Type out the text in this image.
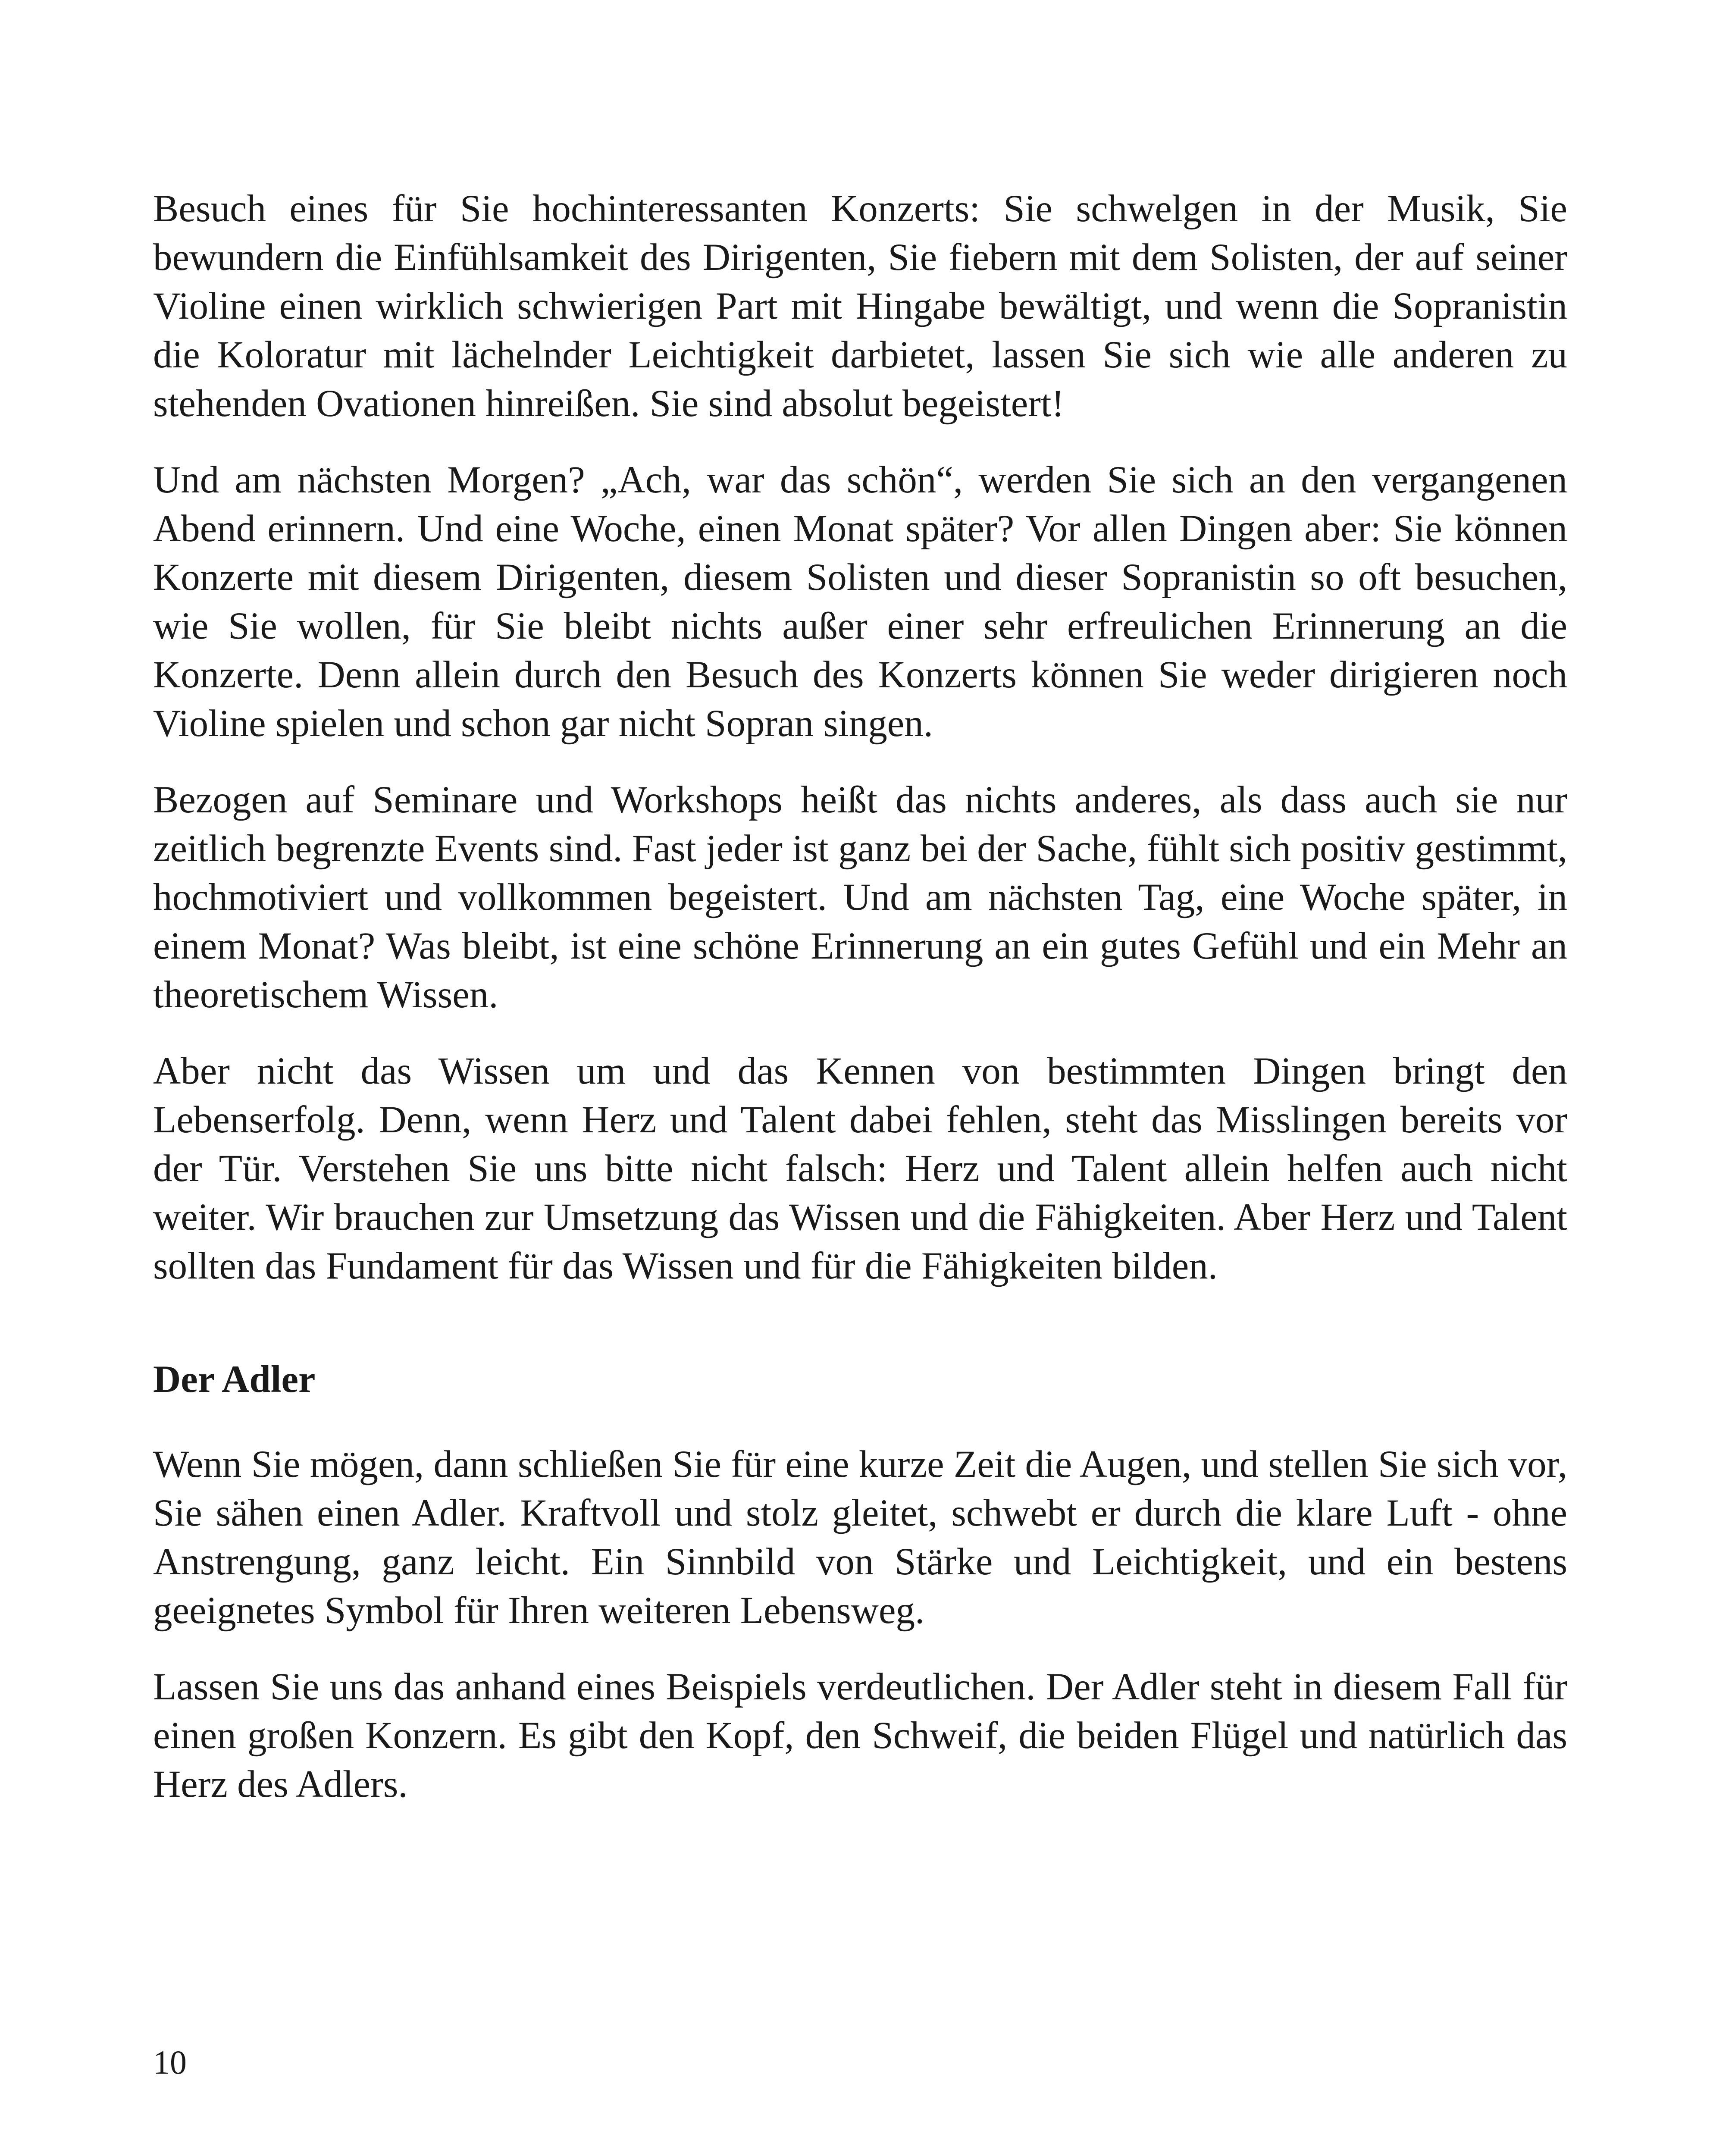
Besuch eines für Sie hochinteressanten Konzerts: Sie schwelgen in der Musik, Sie bewundern die Einfühlsamkeit des Dirigenten, Sie fiebern mit dem Solisten, der auf seiner Violine einen wirklich schwierigen Part mit Hingabe bewältigt, und wenn die Sopranistin die Koloratur mit lächelnder Leichtigkeit darbietet, lassen Sie sich wie alle anderen zu stehenden Ovationen hinreißen. Sie sind absolut begeistert!

Und am nächsten Morgen? „Ach, war das schön“, werden Sie sich an den vergangenen Abend erinnern. Und eine Woche, einen Monat später? Vor allen Dingen aber: Sie können Konzerte mit diesem Dirigenten, diesem Solisten und dieser Sopranistin so oft besuchen, wie Sie wollen, für Sie bleibt nichts außer einer sehr erfreulichen Erinnerung an die Konzerte. Denn allein durch den Besuch des Konzerts können Sie weder dirigieren noch Violine spielen und schon gar nicht Sopran singen.

Bezogen auf Seminare und Workshops heißt das nichts anderes, als dass auch sie nur zeitlich begrenzte Events sind. Fast jeder ist ganz bei der Sache, fühlt sich positiv gestimmt, hochmotiviert und vollkommen begeistert. Und am nächsten Tag, eine Woche später, in einem Monat? Was bleibt, ist eine schöne Erinnerung an ein gutes Gefühl und ein Mehr an theoretischem Wissen.

Aber nicht das Wissen um und das Kennen von bestimmten Dingen bringt den Lebenserfolg. Denn, wenn Herz und Talent dabei fehlen, steht das Misslingen bereits vor der Tür. Verstehen Sie uns bitte nicht falsch: Herz und Talent allein helfen auch nicht weiter. Wir brauchen zur Umsetzung das Wissen und die Fähigkeiten. Aber Herz und Talent sollten das Fundament für das Wissen und für die Fähigkeiten bilden.

Der Adler

Wenn Sie mögen, dann schließen Sie für eine kurze Zeit die Augen, und stellen Sie sich vor, Sie sähen einen Adler. Kraftvoll und stolz gleitet, schwebt er durch die klare Luft - ohne Anstrengung, ganz leicht. Ein Sinnbild von Stärke und Leichtigkeit, und ein bestens geeignetes Symbol für Ihren weiteren Lebensweg.

Lassen Sie uns das anhand eines Beispiels verdeutlichen. Der Adler steht in diesem Fall für einen großen Konzern. Es gibt den Kopf, den Schweif, die beiden Flügel und natürlich das Herz des Adlers.

10
